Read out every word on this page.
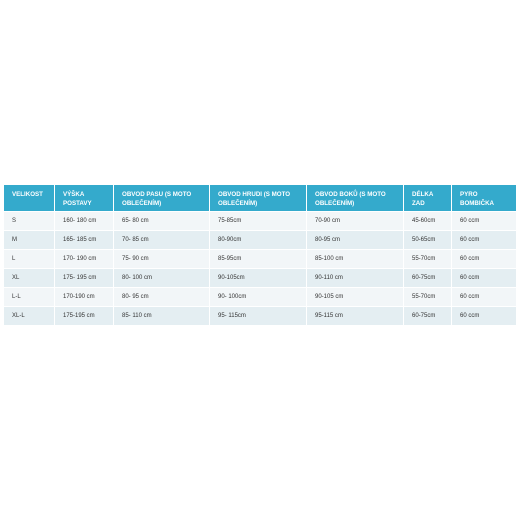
VELIKOST	VÝŠKA POSTAVY	OBVOD PASU (S MOTO OBLEČENÍM)	OBVOD HRUDI (S MOTO OBLEČENÍM)	OBVOD BOKŮ (S MOTO OBLEČENÍM)	DÉLKA ZAD	PYRO BOMBIČKA
S	160- 180 cm	65- 80 cm	75-85cm	70-90 cm	45-60cm	60 ccm
M	165- 185 cm	70- 85 cm	80-90cm	80-95 cm	50-65cm	60 ccm
L	170- 190 cm	75- 90 cm	85-95cm	85-100 cm	55-70cm	60 ccm
XL	175- 195 cm	80- 100 cm	90-105cm	90-110 cm	60-75cm	60 ccm
L-L	170-190 cm	80- 95 cm	90- 100cm	90-105 cm	55-70cm	60 ccm
XL-L	175-195 cm	85- 110 cm	95- 115cm	95-115 cm	60-75cm	60 ccm
